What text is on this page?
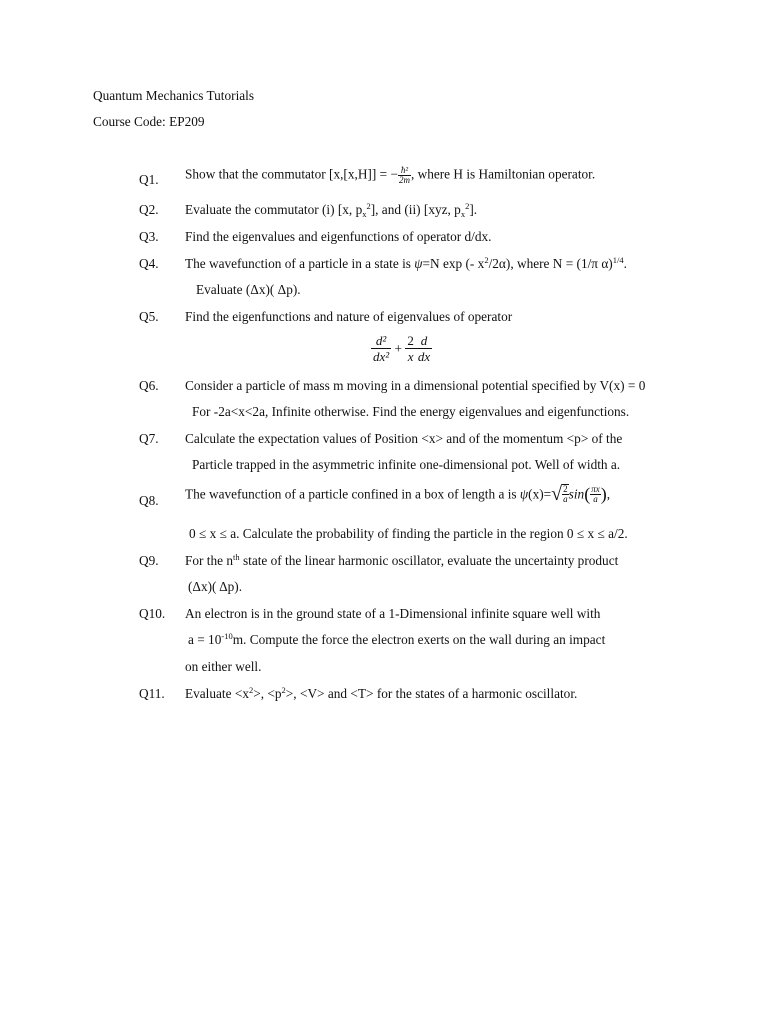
Quantum Mechanics Tutorials
Course Code: EP209
Q1. Show that the commutator [x,[x,H]] = − $\frac{\text{ħ²}}{2m}$ , where H is Hamiltonian operator.
Q2. Evaluate the commutator (i) [x, $p_x^2$], and (ii) [xyz, $p_x^2$].
Q3. Find the eigenvalues and eigenfunctions of operator d/dx.
Q4. The wavefunction of a particle in a state is ψ=N exp (- $x^2/2\alpha$), where N = (1/π α)$^{1/4}$.
Evaluate (Δx)( Δp).
Q5. Find the eigenfunctions and nature of eigenvalues of operator
$\frac{\text{d²}}{\text{dx²}} + \frac{2}{x} \frac{d}{dx}$
Q6. Consider a particle of mass m moving in a dimensional potential specified by V(x) = 0
For -2a<x<2a, Infinite otherwise. Find the energy eigenvalues and eigenfunctions.
Q7. Calculate the expectation values of Position <x> and of the momentum <p> of the
Particle trapped in the asymmetric infinite one-dimensional pot. Well of width a.
Q8. The wavefunction of a particle confined in a box of length a is $\psi(x)=√ \frac{2}{a} \sin( \frac{\pi x}{a}$ ),
0 ≤ x ≤ a. Calculate the probability of finding the particle in the region 0 ≤ x ≤ a/2.
Q9. For the $n^{th}$ state of the linear harmonic oscillator, evaluate the uncertainty product
(Δx)( Δp).
Q10. An electron is in the ground state of a 1-Dimensional infinite square well with
$a = 10^{-10}m$. Compute the force the electron exerts on the wall during an impact
on either well.
Q11. Evaluate $<x^2>$, $<p^2>$, <V> and <T> for the states of a harmonic oscillator.
